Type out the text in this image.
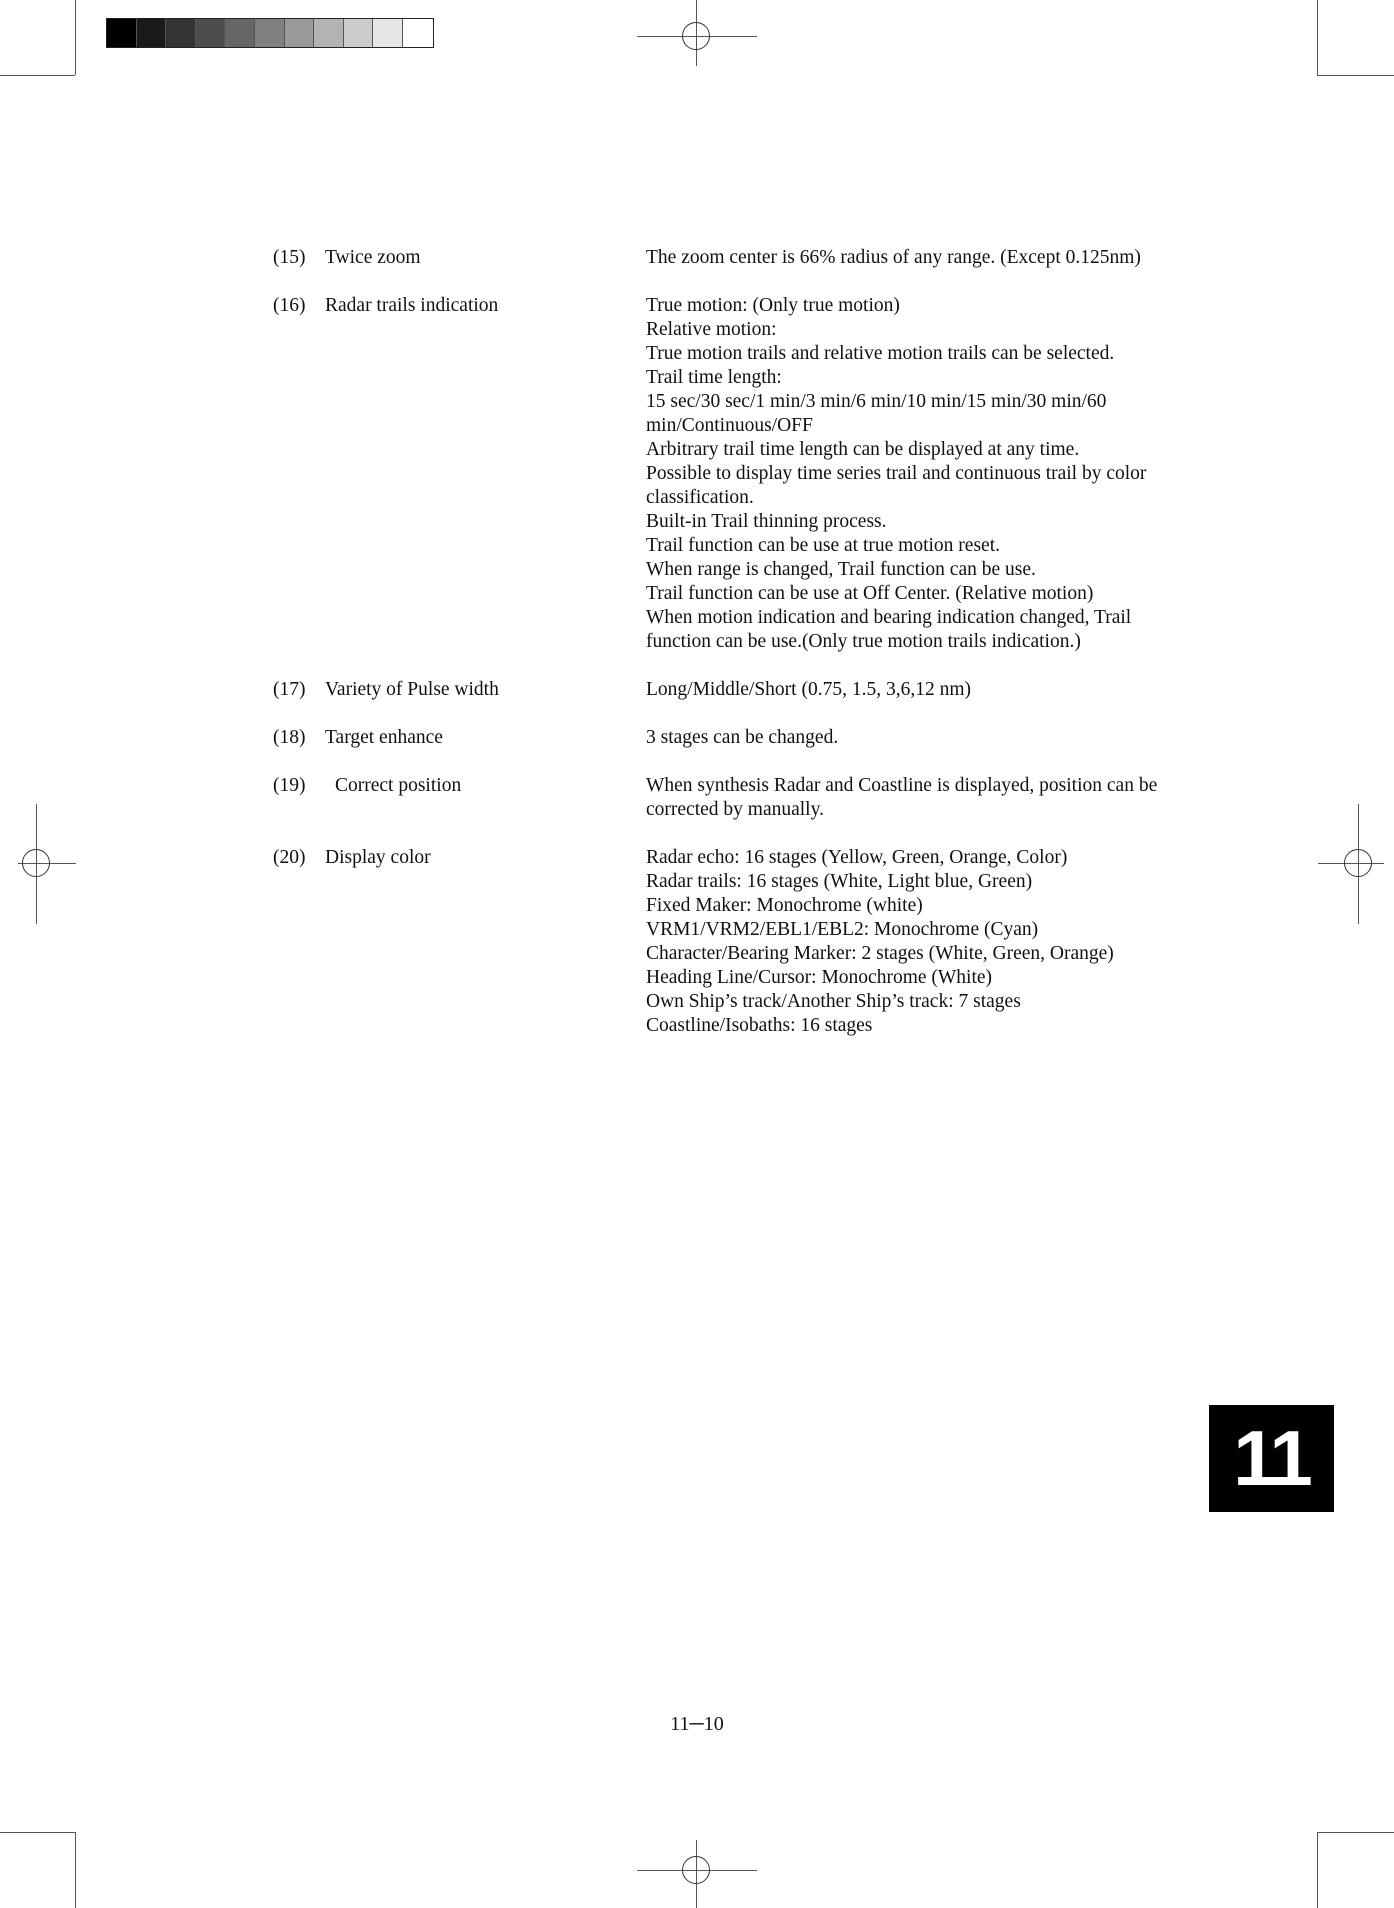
(15)	Twice zoom	The zoom center is 66% radius of any range. (Except 0.125nm)
(16)	Radar trails indication	True motion: (Only true motion)
Relative motion:
True motion trails and relative motion trails can be selected.
Trail time length:
15 sec/30 sec/1 min/3 min/6 min/10 min/15 min/30 min/60
min/Continuous/OFF
Arbitrary trail time length can be displayed at any time.
Possible to display time series trail and continuous trail by color
classification.
Built-in Trail thinning process.
Trail function can be use at true motion reset.
When range is changed, Trail function can be use.
Trail function can be use at Off Center. (Relative motion)
When motion indication and bearing indication changed, Trail
function can be use.(Only true motion trails indication.)
(17)	Variety of Pulse width	Long/Middle/Short (0.75, 1.5, 3,6,12 nm)
(18)	Target enhance	3 stages can be changed.
(19)	Correct position	When synthesis Radar and Coastline is displayed, position can be
corrected by manually.
(20)	Display color	Radar echo: 16 stages (Yellow, Green, Orange, Color)
Radar trails: 16 stages (White, Light blue, Green)
Fixed Maker: Monochrome (white)
VRM1/VRM2/EBL1/EBL2: Monochrome (Cyan)
Character/Bearing Marker: 2 stages (White, Green, Orange)
Heading Line/Cursor: Monochrome (White)
Own Ship’s track/Another Ship’s track: 7 stages
Coastline/Isobaths: 16 stages
11
11─10
